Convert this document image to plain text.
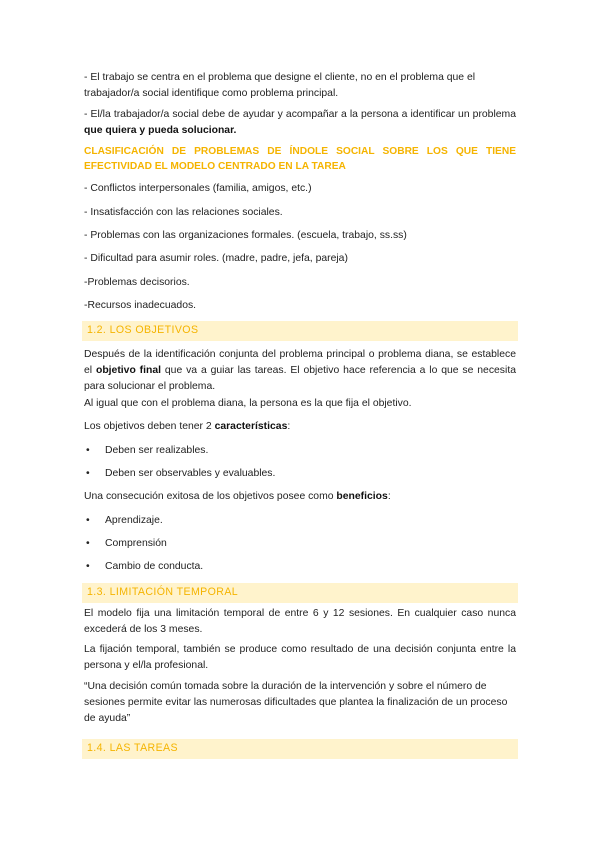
- El trabajo se centra en el problema que designe el cliente, no en el problema que el trabajador/a social identifique como problema principal.

- El/la trabajador/a social debe de ayudar y acompañar a la persona a identificar un problema que quiera y pueda solucionar.

CLASIFICACIÓN DE PROBLEMAS DE ÍNDOLE SOCIAL SOBRE LOS QUE TIENE EFECTIVIDAD EL MODELO CENTRADO EN LA TAREA

- Conflictos interpersonales (familia, amigos, etc.)

- Insatisfacción con las relaciones sociales.

- Problemas con las organizaciones formales. (escuela, trabajo, ss.ss)

- Dificultad para asumir roles. (madre, padre, jefa, pareja)

-Problemas decisorios.

-Recursos inadecuados.

1.2. LOS OBJETIVOS

Después de la identificación conjunta del problema principal o problema diana, se establece el objetivo final que va a guiar las tareas. El objetivo hace referencia a lo que se necesita para solucionar el problema.

Al igual que con el problema diana, la persona es la que fija el objetivo.

Los objetivos deben tener 2 características:

• Deben ser realizables.
• Deben ser observables y evaluables.

Una consecución exitosa de los objetivos posee como beneficios:

• Aprendizaje.
• Comprensión
• Cambio de conducta.
1.3. LIMITACIÓN TEMPORAL

El modelo fija una limitación temporal de entre 6 y 12 sesiones. En cualquier caso nunca excederá de los 3 meses.

La fijación temporal, también se produce como resultado de una decisión conjunta entre la persona y el/la profesional.

“Una decisión común tomada sobre la duración de la intervención y sobre el número de sesiones permite evitar las numerosas dificultades que plantea la finalización de un proceso de ayuda”

1.4. LAS TAREAS
